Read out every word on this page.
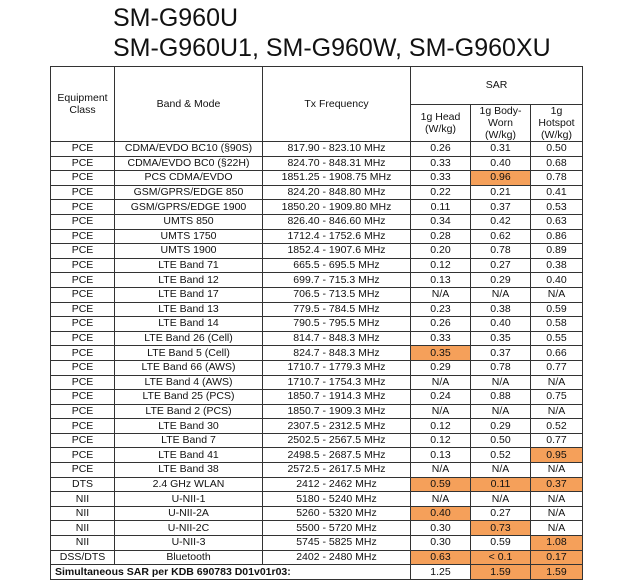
SM-G960U
SM-G960U1, SM-G960W, SM-G960XU
Equipment Class	Band & Mode	Tx Frequency	SAR		
			1g Head (W/kg)	1g Body-Worn (W/kg)	1g Hotspot (W/kg)
PCE	CDMA/EVDO BC10 (§90S)	817.90 - 823.10 MHz	0.26	0.31	0.50
PCE	CDMA/EVDO BC0 (§22H)	824.70 - 848.31 MHz	0.33	0.40	0.68
PCE	PCS CDMA/EVDO	1851.25 - 1908.75 MHz	0.33	0.96	0.78
PCE	GSM/GPRS/EDGE 850	824.20 - 848.80 MHz	0.22	0.21	0.41
PCE	GSM/GPRS/EDGE 1900	1850.20 - 1909.80 MHz	0.11	0.37	0.53
PCE	UMTS 850	826.40 - 846.60 MHz	0.34	0.42	0.63
PCE	UMTS 1750	1712.4 - 1752.6 MHz	0.28	0.62	0.86
PCE	UMTS 1900	1852.4 - 1907.6 MHz	0.20	0.78	0.89
PCE	LTE Band 71	665.5 - 695.5 MHz	0.12	0.27	0.38
PCE	LTE Band 12	699.7 - 715.3 MHz	0.13	0.29	0.40
PCE	LTE Band 17	706.5 - 713.5 MHz	N/A	N/A	N/A
PCE	LTE Band 13	779.5 - 784.5 MHz	0.23	0.38	0.59
PCE	LTE Band 14	790.5 - 795.5 MHz	0.26	0.40	0.58
PCE	LTE Band 26 (Cell)	814.7 - 848.3 MHz	0.33	0.35	0.55
PCE	LTE Band 5 (Cell)	824.7 - 848.3 MHz	0.35	0.37	0.66
PCE	LTE Band 66 (AWS)	1710.7 - 1779.3 MHz	0.29	0.78	0.77
PCE	LTE Band 4 (AWS)	1710.7 - 1754.3 MHz	N/A	N/A	N/A
PCE	LTE Band 25 (PCS)	1850.7 - 1914.3 MHz	0.24	0.88	0.75
PCE	LTE Band 2 (PCS)	1850.7 - 1909.3 MHz	N/A	N/A	N/A
PCE	LTE Band 30	2307.5 - 2312.5 MHz	0.12	0.29	0.52
PCE	LTE Band 7	2502.5 - 2567.5 MHz	0.12	0.50	0.77
PCE	LTE Band 41	2498.5 - 2687.5 MHz	0.13	0.52	0.95
PCE	LTE Band 38	2572.5 - 2617.5 MHz	N/A	N/A	N/A
DTS	2.4 GHz WLAN	2412 - 2462 MHz	0.59	0.11	0.37
NII	U-NII-1	5180 - 5240 MHz	N/A	N/A	N/A
NII	U-NII-2A	5260 - 5320 MHz	0.40	0.27	N/A
NII	U-NII-2C	5500 - 5720 MHz	0.30	0.73	N/A
NII	U-NII-3	5745 - 5825 MHz	0.30	0.59	1.08
DSS/DTS	Bluetooth	2402 - 2480 MHz	0.63	< 0.1	0.17
Simultaneous SAR per KDB 690783 D01v01r03:			1.25	1.59	1.59
